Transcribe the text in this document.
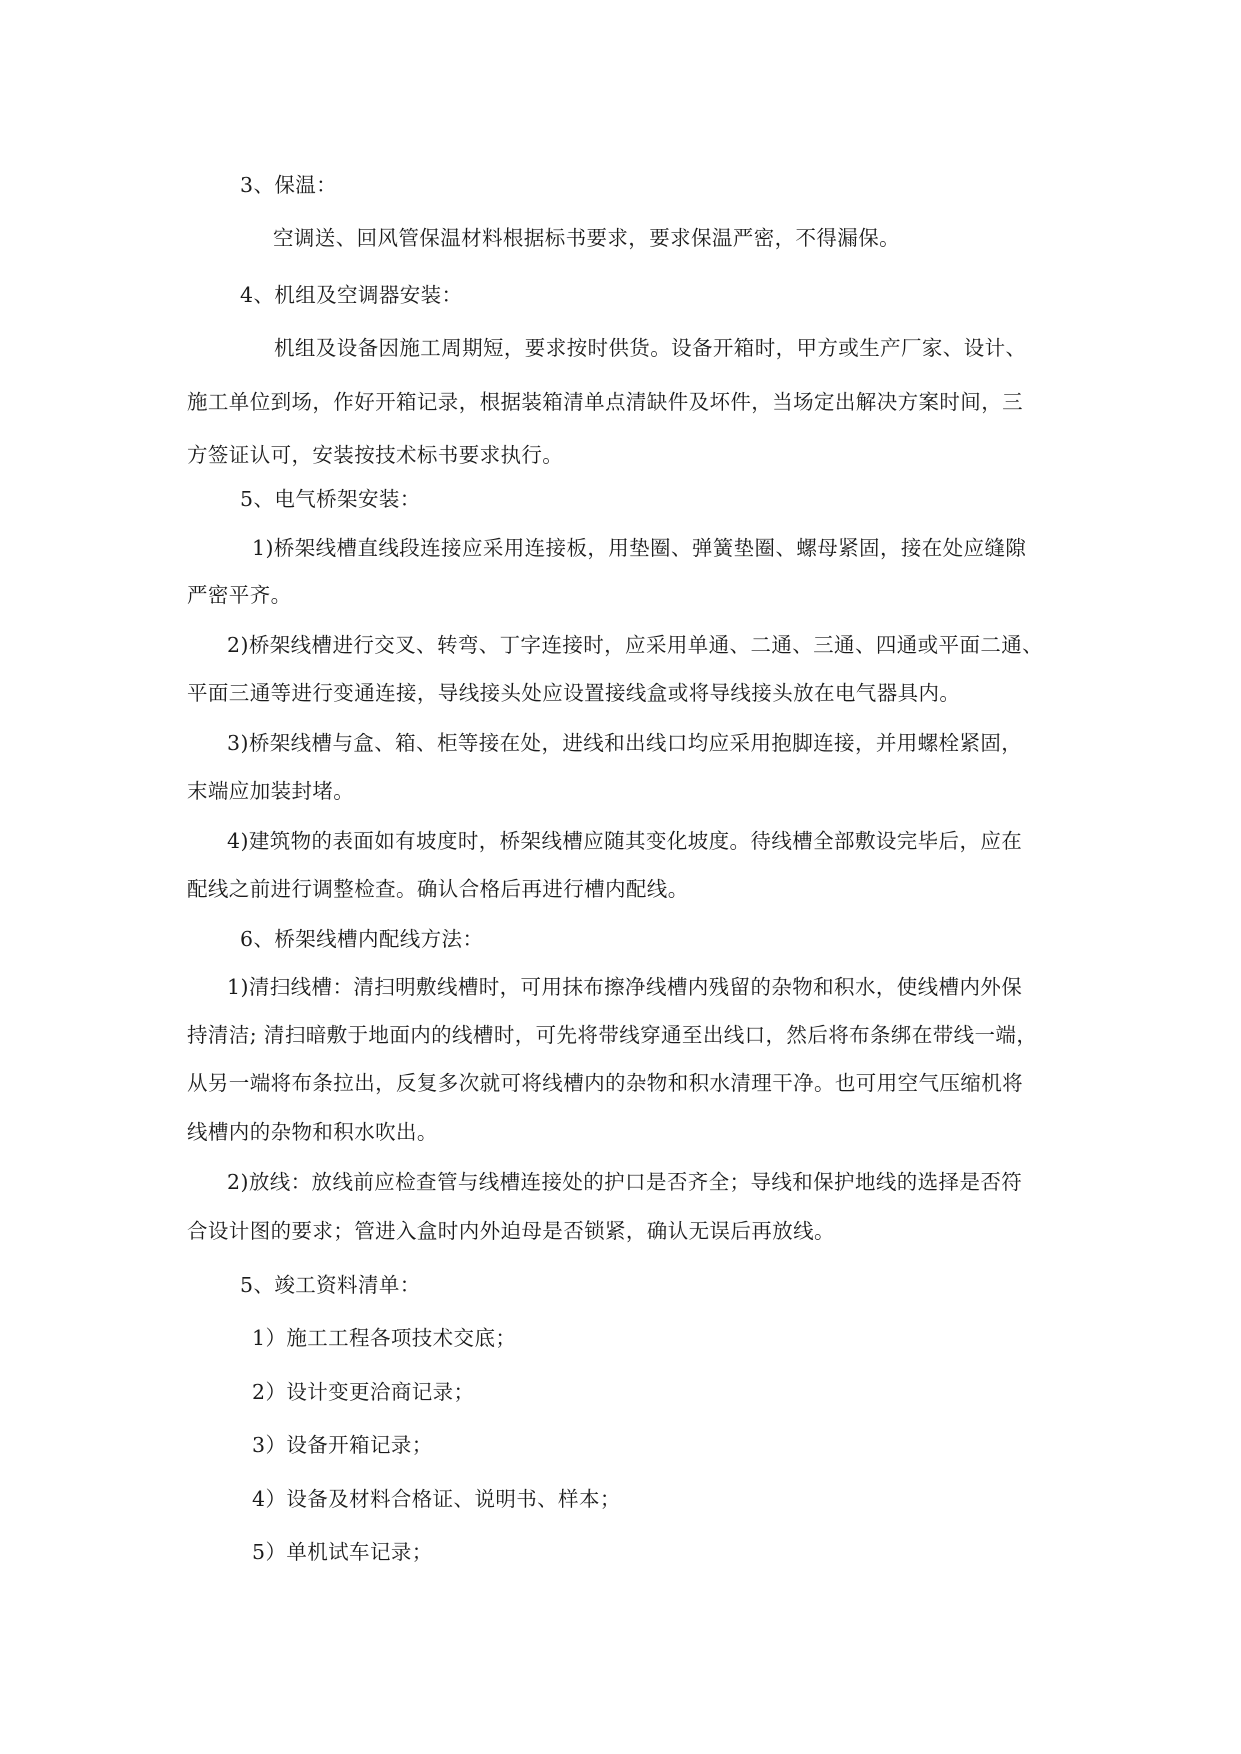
3、保温：
空调送、回风管保温材料根据标书要求，要求保温严密，不得漏保。
4、机组及空调器安装：
机组及设备因施工周期短，要求按时供货。设备开箱时，甲方或生产厂家、设计、
施工单位到场，作好开箱记录，根据装箱清单点清缺件及坏件，当场定出解决方案时间，三
方签证认可，安装按技术标书要求执行。
5、电气桥架安装：
1)桥架线槽直线段连接应采用连接板，用垫圈、弹簧垫圈、螺母紧固，接在处应缝隙
严密平齐。
2)桥架线槽进行交叉、转弯、丁字连接时，应采用单通、二通、三通、四通或平面二通、
平面三通等进行变通连接，导线接头处应设置接线盒或将导线接头放在电气器具内。
3)桥架线槽与盒、箱、柜等接在处，进线和出线口均应采用抱脚连接，并用螺栓紧固，
末端应加装封堵。
4)建筑物的表面如有坡度时，桥架线槽应随其变化坡度。待线槽全部敷设完毕后，应在
配线之前进行调整检查。确认合格后再进行槽内配线。
6、桥架线槽内配线方法：
1)清扫线槽：清扫明敷线槽时，可用抹布擦净线槽内残留的杂物和积水，使线槽内外保
持清洁; 清扫暗敷于地面内的线槽时，可先将带线穿通至出线口，然后将布条绑在带线一端，
从另一端将布条拉出，反复多次就可将线槽内的杂物和积水清理干净。也可用空气压缩机将
线槽内的杂物和积水吹出。
2)放线：放线前应检查管与线槽连接处的护口是否齐全；导线和保护地线的选择是否符
合设计图的要求；管进入盒时内外迫母是否锁紧，确认无误后再放线。
5、竣工资料清单：
1）施工工程各项技术交底；
2）设计变更洽商记录；
3）设备开箱记录；
4）设备及材料合格证、说明书、样本；
5）单机试车记录；
